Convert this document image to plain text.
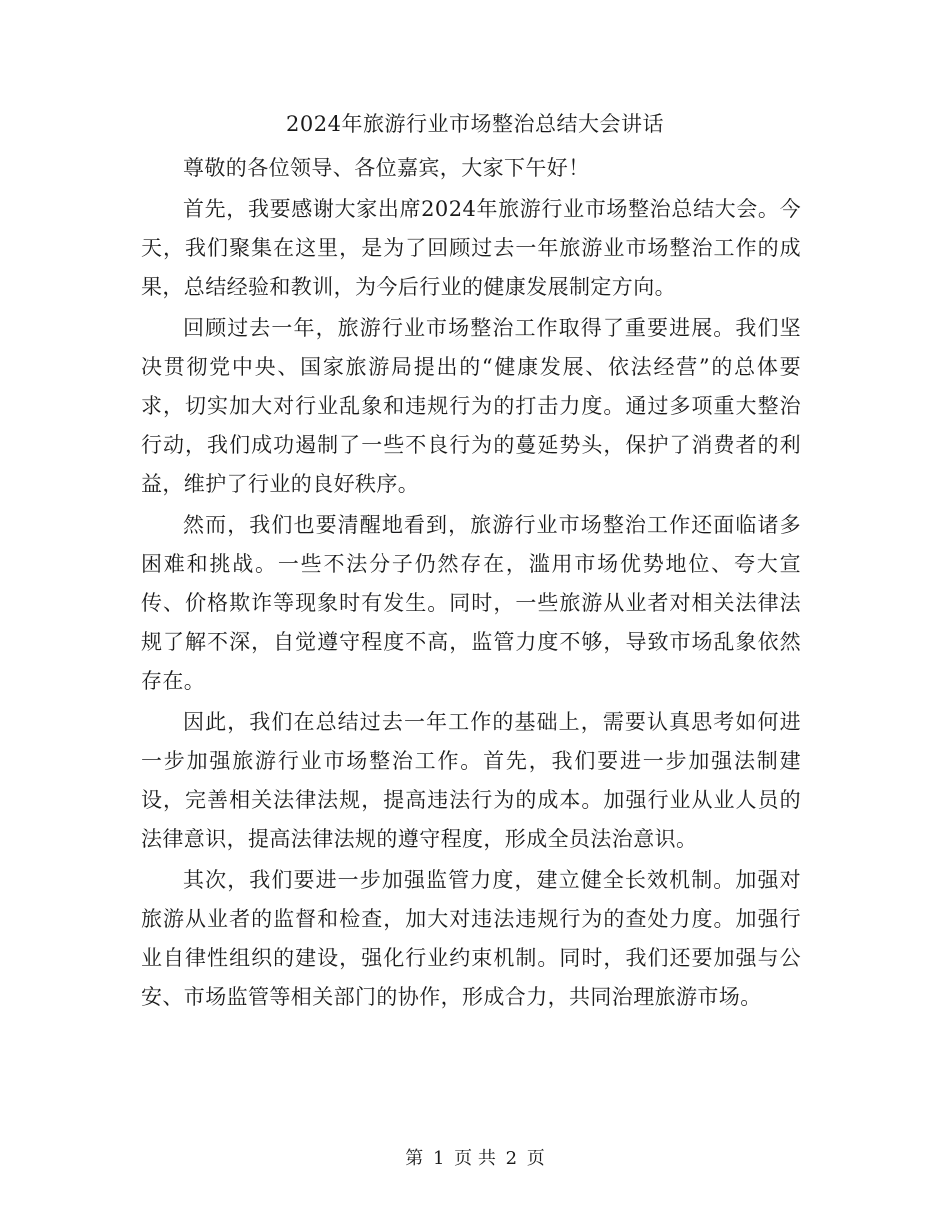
2024年旅游行业市场整治总结大会讲话

尊敬的各位领导、各位嘉宾，大家下午好！

首先，我要感谢大家出席2024年旅游行业市场整治总结大会。今天，我们聚集在这里，是为了回顾过去一年旅游业市场整治工作的成果，总结经验和教训，为今后行业的健康发展制定方向。

回顾过去一年，旅游行业市场整治工作取得了重要进展。我们坚决贯彻党中央、国家旅游局提出的“健康发展、依法经营”的总体要求，切实加大对行业乱象和违规行为的打击力度。通过多项重大整治行动，我们成功遏制了一些不良行为的蔓延势头，保护了消费者的利益，维护了行业的良好秩序。

然而，我们也要清醒地看到，旅游行业市场整治工作还面临诸多困难和挑战。一些不法分子仍然存在，滥用市场优势地位、夸大宣传、价格欺诈等现象时有发生。同时，一些旅游从业者对相关法律法规了解不深，自觉遵守程度不高，监管力度不够，导致市场乱象依然存在。

因此，我们在总结过去一年工作的基础上，需要认真思考如何进一步加强旅游行业市场整治工作。首先，我们要进一步加强法制建设，完善相关法律法规，提高违法行为的成本。加强行业从业人员的法律意识，提高法律法规的遵守程度，形成全员法治意识。

其次，我们要进一步加强监管力度，建立健全长效机制。加强对旅游从业者的监督和检查，加大对违法违规行为的查处力度。加强行业自律性组织的建设，强化行业约束机制。同时，我们还要加强与公安、市场监管等相关部门的协作，形成合力，共同治理旅游市场。

第 1 页 共 2 页
